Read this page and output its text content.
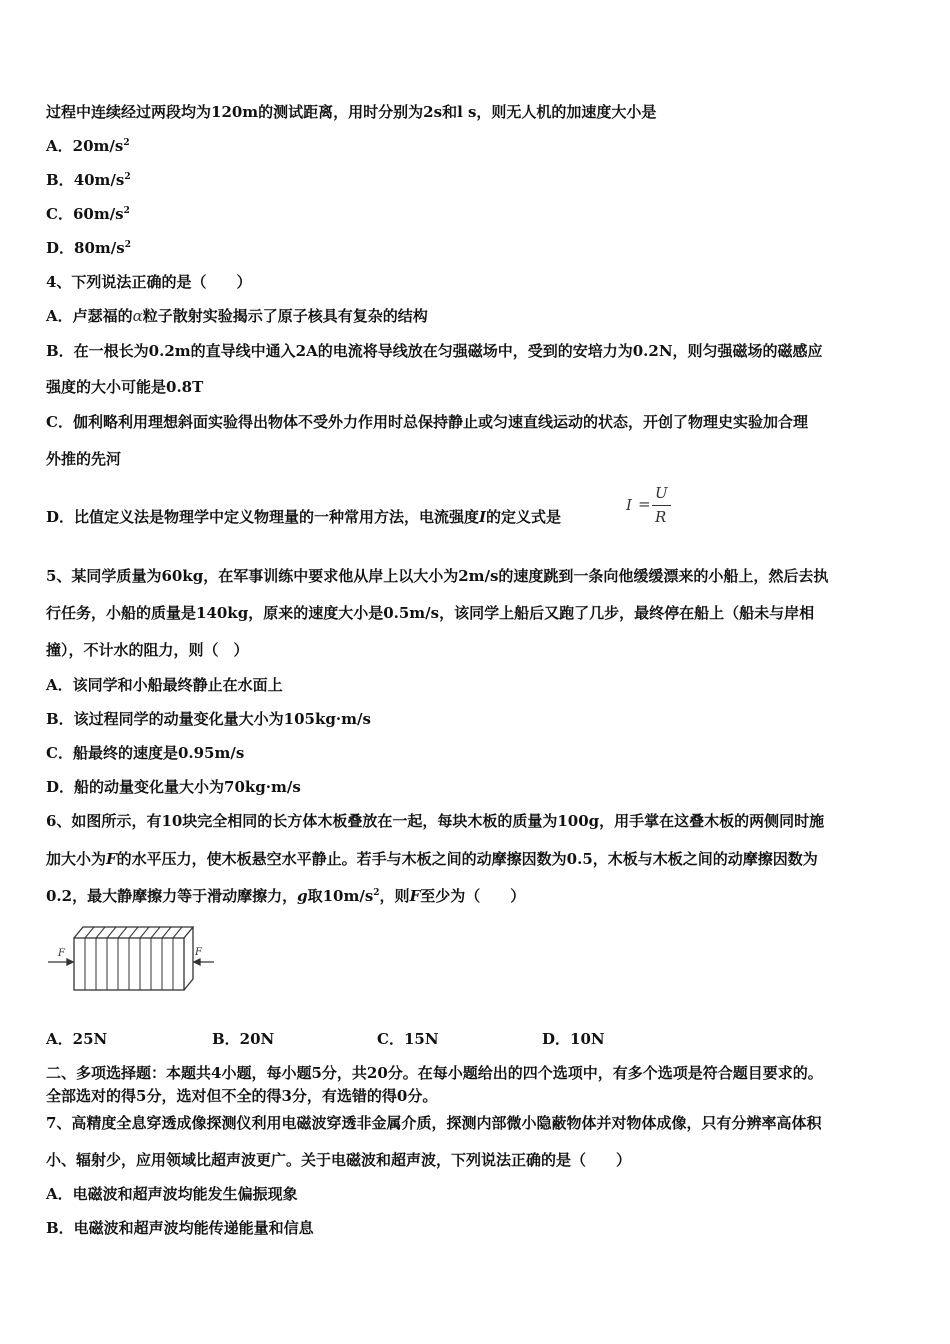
过程中连续经过两段均为120m的测试距离，用时分别为2s和l s，则无人机的加速度大小是
A．$20m/s^2$
B．$40m/s^2$
C．$60m/s^2$
D．$80m/s^2$
4、下列说法正确的是（　　）
A．卢瑟福的α粒子散射实验揭示了原子核具有复杂的结构
B．在一根长为0.2m的直导线中通入2A的电流将导线放在匀强磁场中，受到的安培力为0.2N，则匀强磁场的磁感应
强度的大小可能是0.8T
C．伽利略利用理想斜面实验得出物体不受外力作用时总保持静止或匀速直线运动的状态，开创了物理史实验加合理
外推的先河
D．比值定义法是物理学中定义物理量的一种常用方法，电流强度I的定义式是
I =
U
R
5、某同学质量为60kg，在军事训练中要求他从岸上以大小为2m/s的速度跳到一条向他缓缓漂来的小船上，然后去执
行任务，小船的质量是140kg，原来的速度大小是0.5m/s，该同学上船后又跑了几步，最终停在船上（船未与岸相
撞），不计水的阻力，则（　）
A．该同学和小船最终静止在水面上
B．该过程同学的动量变化量大小为105kg·m/s
C．船最终的速度是0.95m/s
D．船的动量变化量大小为70kg·m/s
6、如图所示，有10块完全相同的长方体木板叠放在一起，每块木板的质量为100g，用手掌在这叠木板的两侧同时施
加大小为F的水平压力，使木板悬空水平静止。若手与木板之间的动摩擦因数为0.5，木板与木板之间的动摩擦因数为
0.2，最大静摩擦力等于滑动摩擦力，g取$10m/s^2$，则F至少为（　　）
F	F
A．25N	B．20N	C．15N	D．10N
二、多项选择题：本题共4小题，每小题5分，共20分。在每小题给出的四个选项中，有多个选项是符合题目要求的。
全部选对的得5分，选对但不全的得3分，有选错的得0分。
7、高精度全息穿透成像探测仪利用电磁波穿透非金属介质，探测内部微小隐蔽物体并对物体成像，只有分辨率高体积
小、辐射少，应用领域比超声波更广。关于电磁波和超声波，下列说法正确的是（　　）
A．电磁波和超声波均能发生偏振现象
B．电磁波和超声波均能传递能量和信息
